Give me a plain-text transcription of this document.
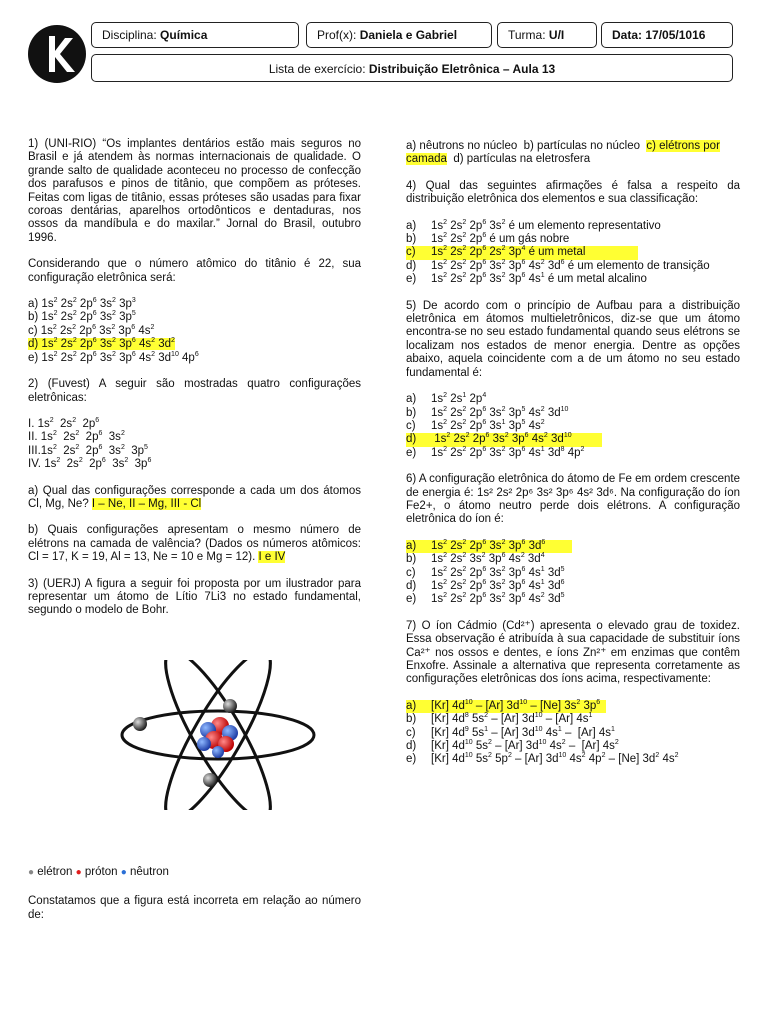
Disciplina: Química	Prof(x): Daniela e Gabriel	Turma: U/I	Data: 17/05/1016
Lista de exercício: Distribuição Eletrônica – Aula 13

1) (UNI-RIO) “Os implantes dentários estão mais seguros no Brasil e já atendem às normas internacionais de qualidade. O grande salto de qualidade aconteceu no processo de confecção dos parafusos e pinos de titânio, que compõem as próteses. Feitas com ligas de titânio, essas próteses são usadas para fixar coroas dentárias, aparelhos ortodônticos e dentaduras, nos ossos da mandíbula e do maxilar.” Jornal do Brasil, outubro 1996.

Considerando que o número atômico do titânio é 22, sua configuração eletrônica será:

a) $1s^2$ $2s^2$ $2p^6$ $3s^2$ $3p^3$
b) $1s^2$ $2s^2$ $2p^6$ $3s^2$ $3p^5$
c) $1s^2$ $2s^2$ $2p^6$ $3s^2$ $3p^6$ $4s^2$
d) $1s^2$ $2s^2$ $2p^6$ $3s^2$ $3p^6$ $4s^2$ $3d^2$
e) $1s^2$ $2s^2$ $2p^6$ $3s^2$ $3p^6$ $4s^2$ $3d^{10}$ $4p^6$

2) (Fuvest) A seguir são mostradas quatro configurações eletrônicas:

I. $1s^2$  $2s^2$  $2p^6$
II. $1s^2$  $2s^2$  $2p^6$  $3s^2$
$III.1s^2$  $2s^2$  $2p^6$  $3s^2$  $3p^5$
IV. $1s^2$  $2s^2$  $2p^6$  $3s^2$  $3p^6$

a) Qual das configurações corresponde a cada um dos átomos Cl, Mg, Ne? I – Ne, II – Mg, III - Cl

b) Quais configurações apresentam o mesmo número de elétrons na camada de valência? (Dados os números atômicos: Cl = 17, K = 19, Al = 13, Ne = 10 e Mg = 12). I e IV

3) (UERJ) A figura a seguir foi proposta por um ilustrador para representar um átomo de Lítio 7Li3 no estado fundamental, segundo o modelo de Bohr.

● elétron ● próton ● nêutron

Constatamos que a figura está incorreta em relação ao número de:

a) nêutrons no núcleo b) partículas no núcleo c) elétrons por camada d) partículas na eletrosfera

4) Qual das seguintes afirmações é falsa a respeito da distribuição eletrônica dos elementos e sua classificação:

a)	$1s^2$ $2s^2$ $2p^6$ $3s^2$ é um elemento representativo
b)	$1s^2$ $2s^2$ $2p^6$ é um gás nobre
c)	$1s^2$ $2s^2$ $2p^6$ $2s^2$ $3p^4$ é um metal
d)	$1s^2$ $2s^2$ $2p^6$ $3s^2$ $3p^6$ $4s^2$ $3d^6$ é um elemento de transição
e)	$1s^2$ $2s^2$ $2p^6$ $3s^2$ $3p^6$ $4s^1$ é um metal alcalino

5) De acordo com o princípio de Aufbau para a distribuição eletrônica em átomos multieletrônicos, diz-se que um átomo encontra-se no seu estado fundamental quando seus elétrons se localizam nos estados de menor energia. Dentre as opções abaixo, aquela coincidente com a de um átomo no seu estado fundamental é:

a)	$1s^2$ $2s^1$ $2p^4$
b)	$1s^2$ $2s^2$ $2p^6$ $3s^2$ $3p^5$ $4s^2$ $3d^{10}$
c)	$1s^2$ $2s^2$ $2p^6$ $3s^1$ $3p^5$ $4s^2$
d)	$1s^2$ $2s^2$ $2p^6$ $3s^2$ $3p^6$ $4s^2$ $3d^{10}$
e)	$1s^2$ $2s^2$ $2p^6$ $3s^2$ $3p^6$ $4s^1$ $3d^8$ $4p^2$

6) A configuração eletrônica do átomo de Fe em ordem crescente de energia é: 1s² 2s² 2p⁶ 3s² 3p⁶ 4s² 3d⁶. Na configuração do íon Fe2+, o átomo neutro perde dois elétrons. A configuração eletrônica do íon é:

a)	$1s^2$ $2s^2$ $2p^6$ $3s^2$ $3p^6$ $3d^6$
b)	$1s^2$ $2s^2$ $3s^2$ $3p^6$ $4s^2$ $3d^4$
c)	$1s^2$ $2s^2$ $2p^6$ $3s^2$ $3p^6$ $4s^1$ $3d^5$
d)	$1s^2$ $2s^2$ $2p^6$ $3s^2$ $3p^6$ $4s^1$ $3d^6$
e)	$1s^2$ $2s^2$ $2p^6$ $3s^2$ $3p^6$ $4s^2$ $3d^5$

7) O íon Cádmio (Cd²⁺) apresenta o elevado grau de toxidez. Essa observação é atribuída à sua capacidade de substituir íons Ca²⁺ nos ossos e dentes, e íons Zn²⁺ em enzimas que contêm Enxofre. Assinale a alternativa que representa corretamente as configurações eletrônicas dos íons acima, respectivamente:

a)	[Kr] $4d^{10} - [Ar]$ $3d^{10} - [Ne]$ $3s^2$ $3p^6$
b)	[Kr] $4d^8$ $5s^2 - [Ar]$ $3d^{10} - [Ar]$ $4s^1$
c)	[Kr] $4d^9$ $5s^1 - [Ar]$ $3d^{10}$ $4s^1 - [Ar]$ $4s^1$
d)	[Kr] $4d^{10}$ $5s^2 - [Ar]$ $3d^{10}$ $4s^2 - [Ar]$ $4s^2$
e)	[Kr] $4d^{10}$ $5s^2$ $5p^2 - [Ar]$ $3d^{10}$ $4s^2$ $4p^2 - [Ne]$ $3d^2$ $4s^2$
